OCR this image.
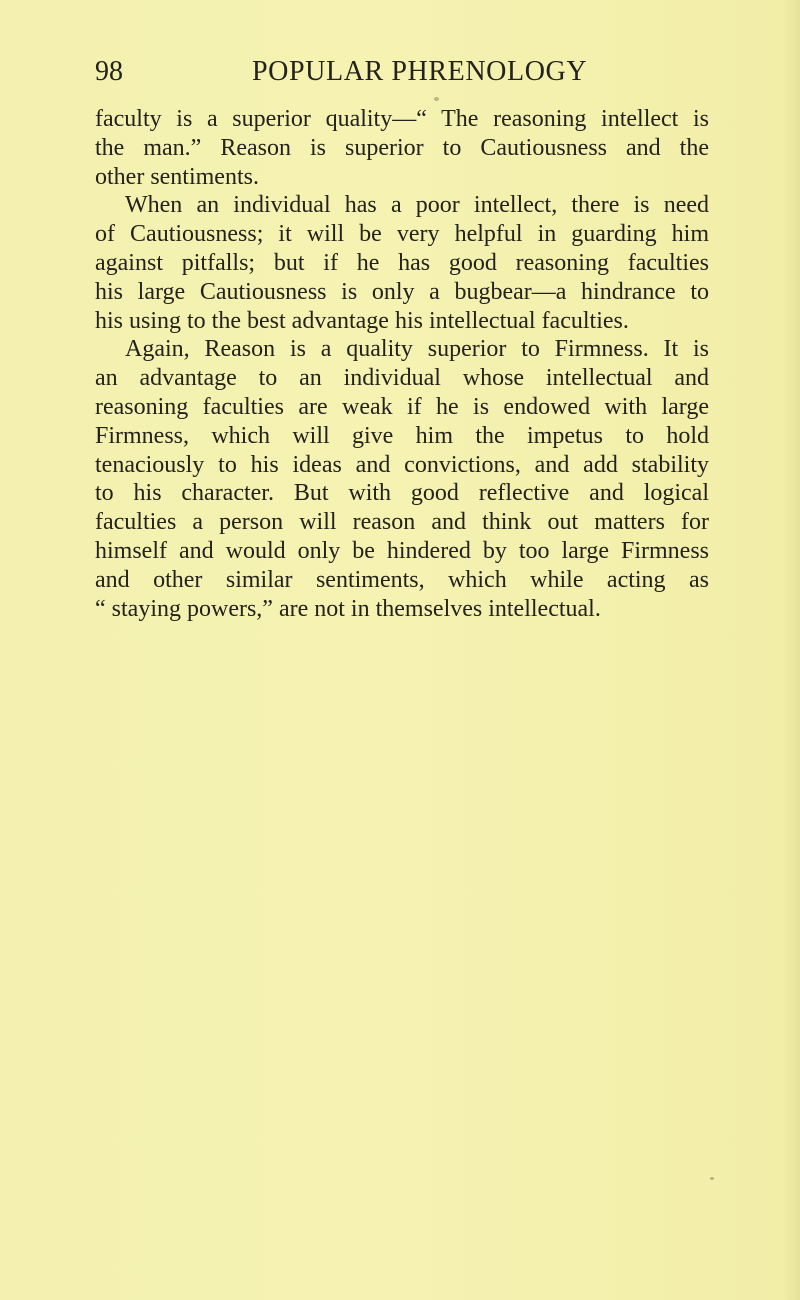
98	POPULAR PHRENOLOGY
faculty is a superior quality—“ The reasoning intellect is
the man.” Reason is superior to Cautiousness and the
other sentiments.
When an individual has a poor intellect, there is need
of Cautiousness; it will be very helpful in guarding him
against pitfalls; but if he has good reasoning faculties
his large Cautiousness is only a bugbear—a hindrance to
his using to the best advantage his intellectual faculties.
Again, Reason is a quality superior to Firmness. It is
an advantage to an individual whose intellectual and
reasoning faculties are weak if he is endowed with large
Firmness, which will give him the impetus to hold
tenaciously to his ideas and convictions, and add stability
to his character. But with good reflective and logical
faculties a person will reason and think out matters for
himself and would only be hindered by too large Firmness
and other similar sentiments, which while acting as
“ staying powers,” are not in themselves intellectual.
